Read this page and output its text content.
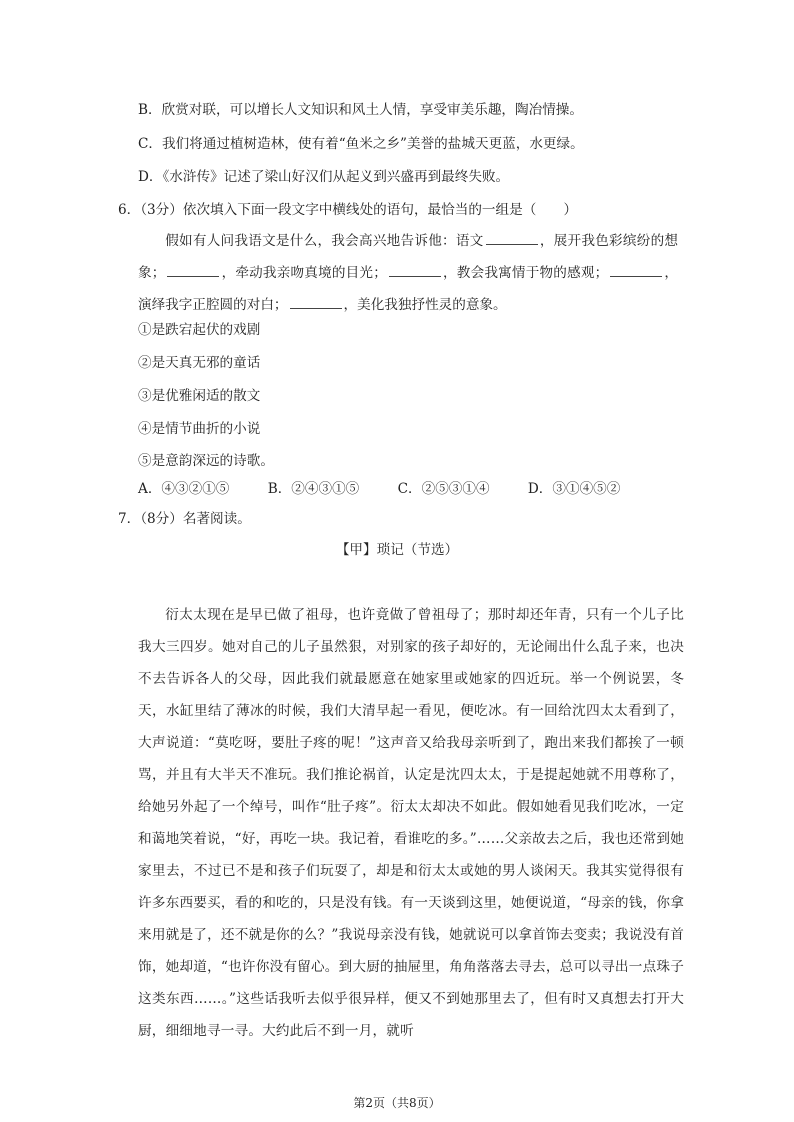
B．欣赏对联，可以增长人文知识和风土人情，享受审美乐趣，陶冶情操。
C．我们将通过植树造林，使有着“鱼米之乡”美誉的盐城天更蓝，水更绿。
D．《水浒传》记述了梁山好汉们从起义到兴盛再到最终失败。
6．（3分）依次填入下面一段文字中横线处的语句，最恰当的一组是（　　）
假如有人问我语文是什么，我会高兴地告诉他：语文	，展开我色彩缤纷的想象；	，牵动我亲吻真境的目光；	，教会我寓情于物的感观；	，演绎我字正腔圆的对白；	，美化我独抒性灵的意象。
①是跌宕起伏的戏剧
②是天真无邪的童话
③是优雅闲适的散文
④是情节曲折的小说
⑤是意韵深远的诗歌。
A．④③②①⑤	B．②④③①⑤	C．②⑤③①④	D．③①④⑤②
7．（8分）名著阅读。
【甲】琐记（节选）
衍太太现在是早已做了祖母，也许竟做了曾祖母了；那时却还年青，只有一个儿子比我大三四岁。她对自己的儿子虽然狠，对别家的孩子却好的，无论闹出什么乱子来，也决不去告诉各人的父母，因此我们就最愿意在她家里或她家的四近玩。举一个例说罢，冬天，水缸里结了薄冰的时候，我们大清早起一看见，便吃冰。有一回给沈四太太看到了，大声说道：“莫吃呀，要肚子疼的呢！”这声音又给我母亲听到了，跑出来我们都挨了一顿骂，并且有大半天不准玩。我们推论祸首，认定是沈四太太，于是提起她就不用尊称了，给她另外起了一个绰号，叫作“肚子疼”。衍太太却决不如此。假如她看见我们吃冰，一定和蔼地笑着说，“好，再吃一块。我记着，看谁吃的多。”……父亲故去之后，我也还常到她家里去，不过已不是和孩子们玩耍了，却是和衍太太或她的男人谈闲天。我其实觉得很有许多东西要买，看的和吃的，只是没有钱。有一天谈到这里，她便说道，“母亲的钱，你拿来用就是了，还不就是你的么？”我说母亲没有钱，她就说可以拿首饰去变卖；我说没有首饰，她却道，“也许你没有留心。到大厨的抽屉里，角角落落去寻去，总可以寻出一点珠子这类东西……。”这些话我听去似乎很异样，便又不到她那里去了，但有时又真想去打开大厨，细细地寻一寻。大约此后不到一月，就听
第2页（共8页）
